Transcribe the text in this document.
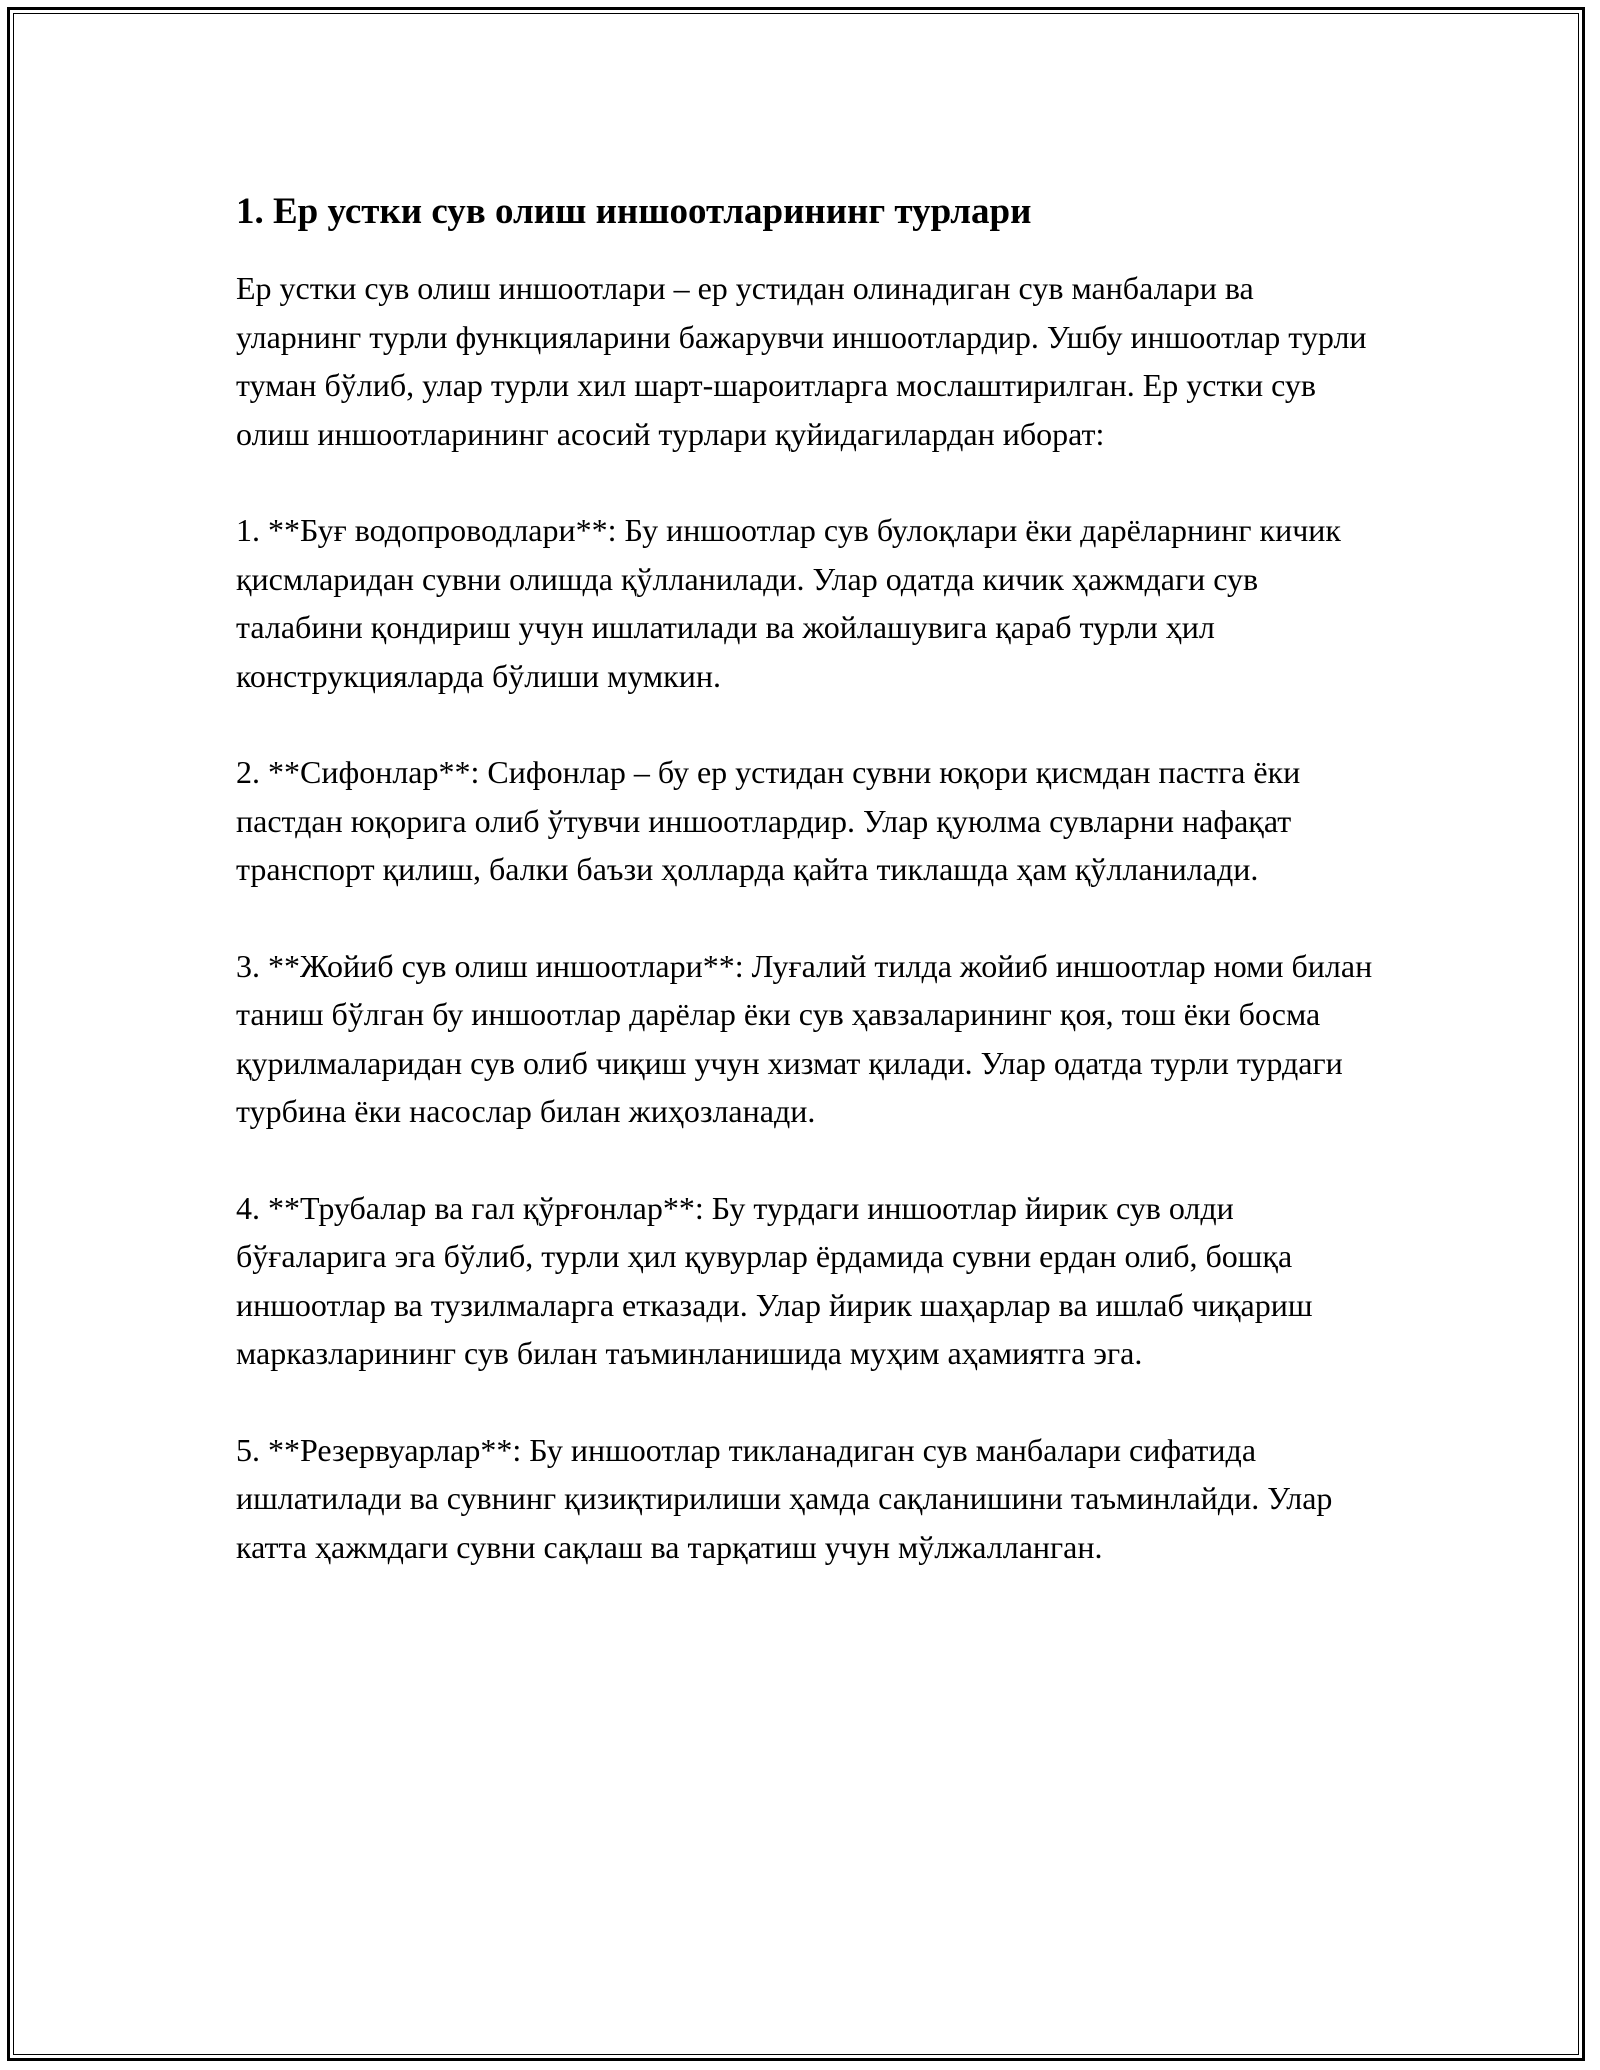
1. Ер устки сув олиш иншоотларининг турлари

Ер устки сув олиш иншоотлари – ер устидан олинадиган сув манбалари ва уларнинг турли функцияларини бажарувчи иншоотлардир. Ушбу иншоотлар турли туман бўлиб, улар турли хил шарт-шароитларга мослаштирилган. Ер устки сув олиш иншоотларининг асосий турлари қуйидагилардан иборат:

1. **Буғ водопроводлари**: Бу иншоотлар сув булоқлари ёки дарёларнинг кичик қисмларидан сувни олишда қўлланилади. Улар одатда кичик ҳажмдаги сув талабини қондириш учун ишлатилади ва жойлашувига қараб турли ҳил конструкцияларда бўлиши мумкин.

2. **Сифонлар**: Сифонлар – бу ер устидан сувни юқори қисмдан пастга ёки пастдан юқорига олиб ўтувчи иншоотлардир. Улар қуюлма сувларни нафақат транспорт қилиш, балки баъзи ҳолларда қайта тиклашда ҳам қўлланилади.

3. **Жойиб сув олиш иншоотлари**: Луғалий тилда жойиб иншоотлар номи билан таниш бўлган бу иншоотлар дарёлар ёки сув ҳавзаларининг қоя, тош ёки босма қурилмаларидан сув олиб чиқиш учун хизмат қилади. Улар одатда турли турдаги турбина ёки насослар билан жиҳозланади.

4. **Трубалар ва гал қўрғонлар**: Бу турдаги иншоотлар йирик сув олди бўғаларига эга бўлиб, турли ҳил қувурлар ёрдамида сувни ердан олиб, бошқа иншоотлар ва тузилмаларга етказади. Улар йирик шаҳарлар ва ишлаб чиқариш марказларининг сув билан таъминланишида муҳим аҳамиятга эга.

5. **Резервуарлар**: Бу иншоотлар тикланадиган сув манбалари сифатида ишлатилади ва сувнинг қизиқтирилиши ҳамда сақланишини таъминлайди. Улар катта ҳажмдаги сувни сақлаш ва тарқатиш учун мўлжалланган.
